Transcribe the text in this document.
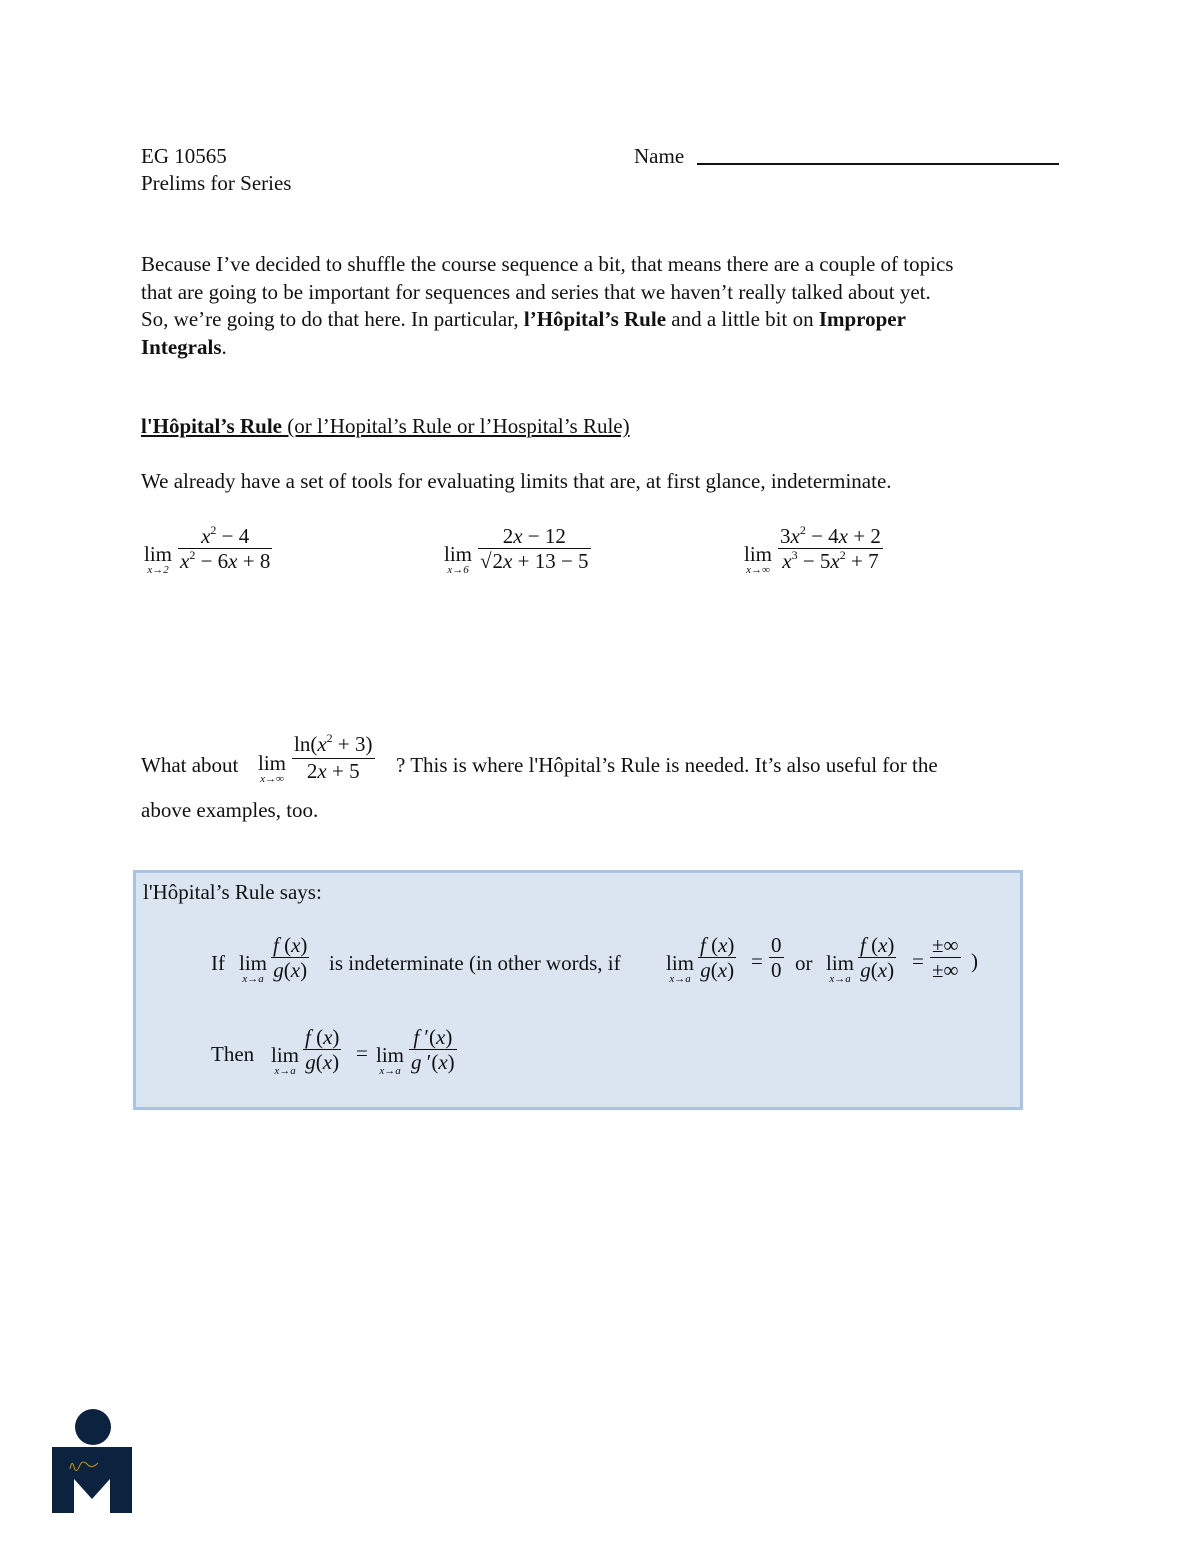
EG 10565
Prelims for Series
Name
Because I’ve decided to shuffle the course sequence a bit, that means there are a couple of topics
that are going to be important for sequences and series that we haven’t really talked about yet.
So, we’re going to do that here. In particular, l’Hôpital’s Rule and a little bit on Improper
Integrals.
l'Hôpital’s Rule (or l’Hopital’s Rule or l’Hospital’s Rule)
We already have a set of tools for evaluating limits that are, at first glance, indeterminate.
lim
x→2
$x^2 - 4$
$x^2 - 6x + 8$	lim
x→6
2x − 12
√2x + 13 − 5	lim
x→∞
$3x^2 - 4x + 2$
$x^3 - 5x^2 + 7$
What about lim
x→∞
$\ln(x^2 + 3)$
2x + 5	? This is where l'Hôpital’s Rule is needed. It’s also useful for the
above examples, too.
l'Hôpital’s Rule says:
If lim
x→a
f (x)
g(x) is indeterminate (in other words, if lim
x→a
f (x)
g(x) =
0
0 or lim
x→a
f (x)
g(x) =
±∞
±∞ )
Then lim
x→a
f (x)
g(x) = lim
x→a
f ′(x)
g ′(x)
